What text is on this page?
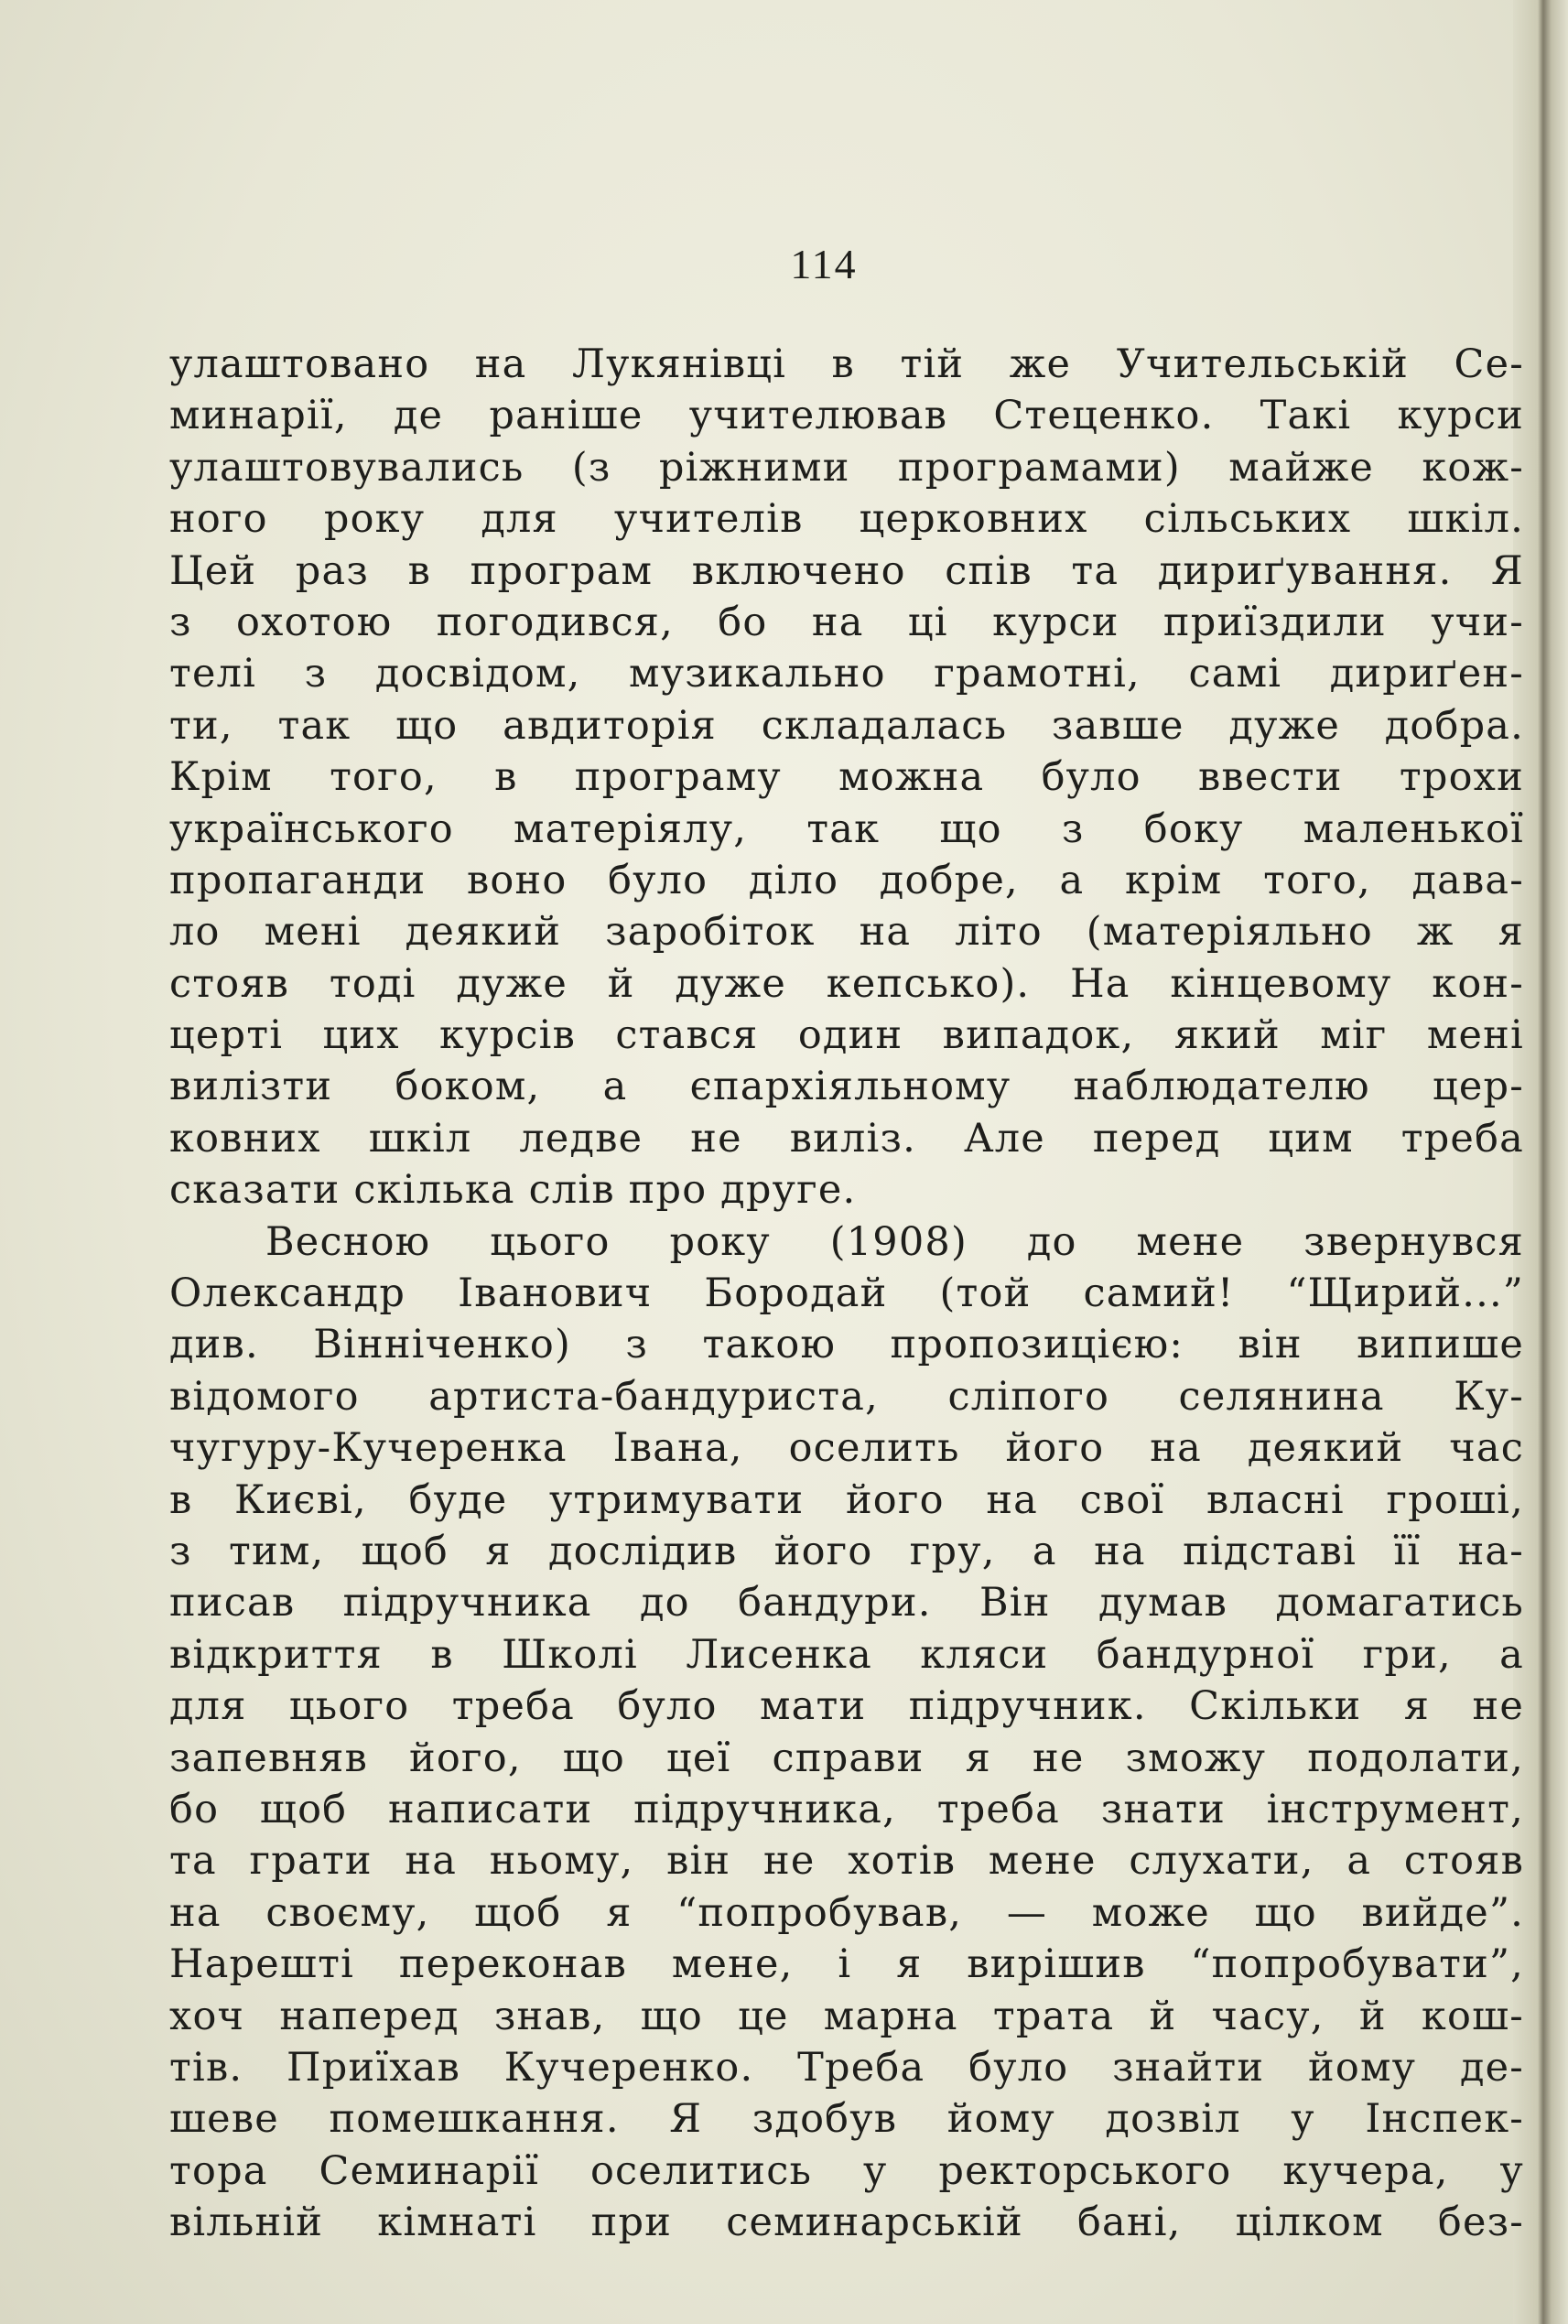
114
улаштовано на Лукянівці в тій же Учительській Се-
минарії, де раніше учителював Стеценко. Такі курси
улаштовувались (з ріжними програмами) майже кож-
ного року для учителів церковних сільських шкіл.
Цей раз в програм включено спів та дириґування. Я
з охотою погодився, бо на ці курси приїздили учи-
телі з досвідом, музикально грамотні, самі дириґен-
ти, так що авдиторія складалась завше дуже добра.
Крім того, в програму можна було ввести трохи
українського матеріялу, так що з боку маленької
пропаганди воно було діло добре, а крім того, дава-
ло мені деякий заробіток на літо (матеріяльно ж я
стояв тоді дуже й дуже кепсько). На кінцевому кон-
церті цих курсів стався один випадок, який міг мені
вилізти боком, а єпархіяльному наблюдателю цер-
ковних шкіл ледве не виліз. Але перед цим треба
сказати скілька слів про друге.
Весною цього року (1908) до мене звернувся
Олександр Іванович Бородай (той самий! “Щирий...”
див. Вінніченко) з такою пропозицією: він випише
відомого артиста-бандуриста, сліпого селянина Ку-
чугуру-Кучеренка Івана, оселить його на деякий час
в Києві, буде утримувати його на свої власні гроші,
з тим, щоб я дослідив його гру, а на підставі її на-
писав підручника до бандури. Він думав домагатись
відкриття в Школі Лисенка кляси бандурної гри, а
для цього треба було мати підручник. Скільки я не
запевняв його, що цеї справи я не зможу подолати,
бо щоб написати підручника, треба знати інструмент,
та грати на ньому, він не хотів мене слухати, а стояв
на своєму, щоб я “попробував, — може що вийде”.
Нарешті переконав мене, і я вирішив “попробувати”,
хоч наперед знав, що це марна трата й часу, й кош-
тів. Приїхав Кучеренко. Треба було знайти йому де-
шеве помешкання. Я здобув йому дозвіл у Інспек-
тора Семинарії оселитись у ректорського кучера, у
вільній кімнаті при семинарській бані, цілком без-
